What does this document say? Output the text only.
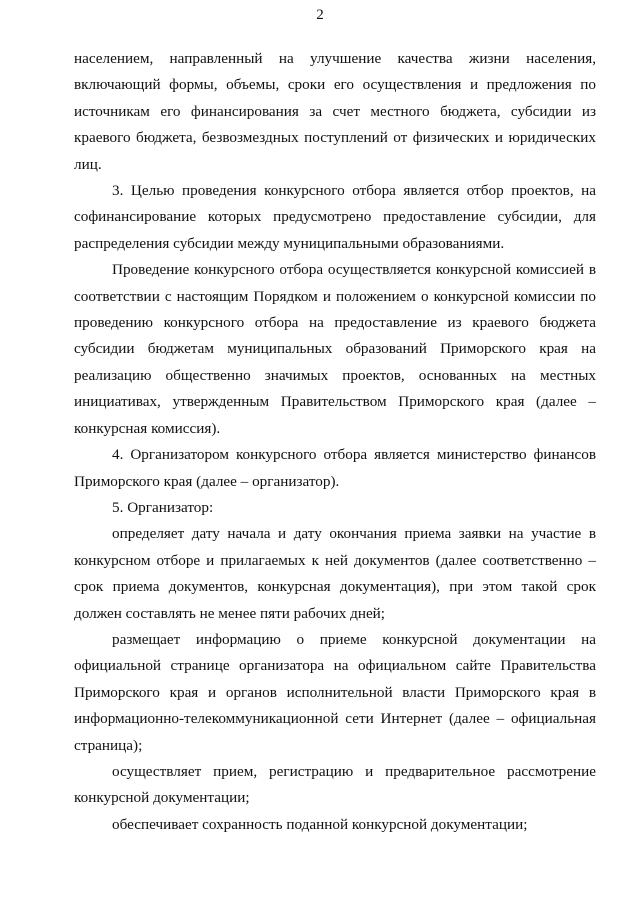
2

населением, направленный на улучшение качества жизни населения, включающий формы, объемы, сроки его осуществления и предложения по источникам его финансирования за счет местного бюджета, субсидии из краевого бюджета, безвозмездных поступлений от физических и юридических лиц.

3. Целью проведения конкурсного отбора является отбор проектов, на софинансирование которых предусмотрено предоставление субсидии, для распределения субсидии между муниципальными образованиями.

Проведение конкурсного отбора осуществляется конкурсной комиссией в соответствии с настоящим Порядком и положением о конкурсной комиссии по проведению конкурсного отбора на предоставление из краевого бюджета субсидии бюджетам муниципальных образований Приморского края на реализацию общественно значимых проектов, основанных на местных инициативах, утвержденным Правительством Приморского края (далее – конкурсная комиссия).

4. Организатором конкурсного отбора является министерство финансов Приморского края (далее – организатор).

5. Организатор:

определяет дату начала и дату окончания приема заявки на участие в конкурсном отборе и прилагаемых к ней документов (далее соответственно – срок приема документов, конкурсная документация), при этом такой срок должен составлять не менее пяти рабочих дней;

размещает информацию о приеме конкурсной документации на официальной странице организатора на официальном сайте Правительства Приморского края и органов исполнительной власти Приморского края в информационно-телекоммуникационной сети Интернет (далее – официальная страница);

осуществляет прием, регистрацию и предварительное рассмотрение конкурсной документации;

обеспечивает сохранность поданной конкурсной документации;
